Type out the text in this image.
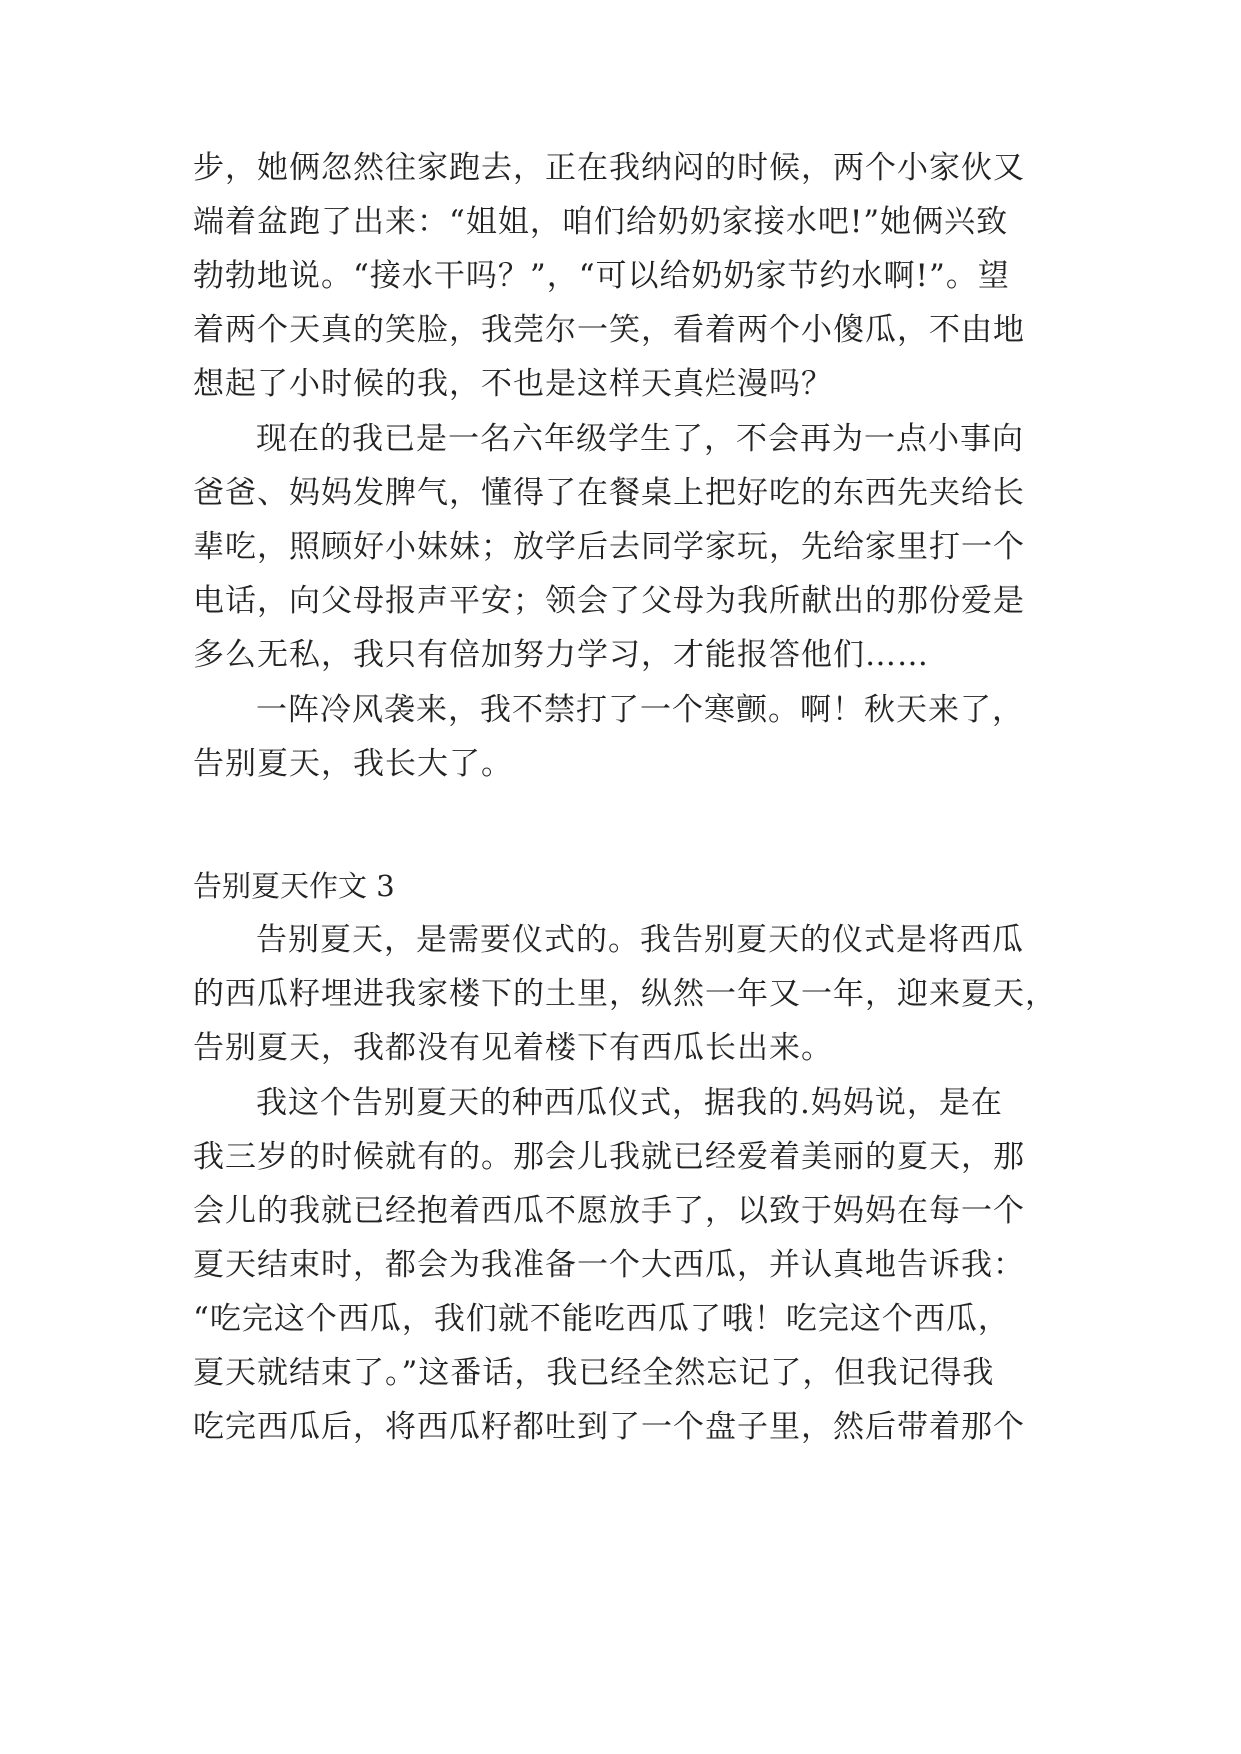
步，她俩忽然往家跑去，正在我纳闷的时候，两个小家伙又
端着盆跑了出来：“姐姐，咱们给奶奶家接水吧!”她俩兴致
勃勃地说。“接水干吗？”，“可以给奶奶家节约水啊!”。望
着两个天真的笑脸，我莞尔一笑，看着两个小傻瓜，不由地
想起了小时候的我，不也是这样天真烂漫吗？
现在的我已是一名六年级学生了，不会再为一点小事向
爸爸、妈妈发脾气，懂得了在餐桌上把好吃的东西先夹给长
辈吃，照顾好小妹妹；放学后去同学家玩，先给家里打一个
电话，向父母报声平安；领会了父母为我所献出的那份爱是
多么无私，我只有倍加努力学习，才能报答他们……
一阵冷风袭来，我不禁打了一个寒颤。啊！秋天来了，
告别夏天，我长大了。
告别夏天作文 3
告别夏天，是需要仪式的。我告别夏天的仪式是将西瓜
的西瓜籽埋进我家楼下的土里，纵然一年又一年，迎来夏天，
告别夏天，我都没有见着楼下有西瓜长出来。
我这个告别夏天的种西瓜仪式，据我的.妈妈说，是在
我三岁的时候就有的。那会儿我就已经爱着美丽的夏天，那
会儿的我就已经抱着西瓜不愿放手了，以致于妈妈在每一个
夏天结束时，都会为我准备一个大西瓜，并认真地告诉我：
“吃完这个西瓜，我们就不能吃西瓜了哦！吃完这个西瓜，
夏天就结束了。”这番话，我已经全然忘记了，但我记得我
吃完西瓜后，将西瓜籽都吐到了一个盘子里，然后带着那个
